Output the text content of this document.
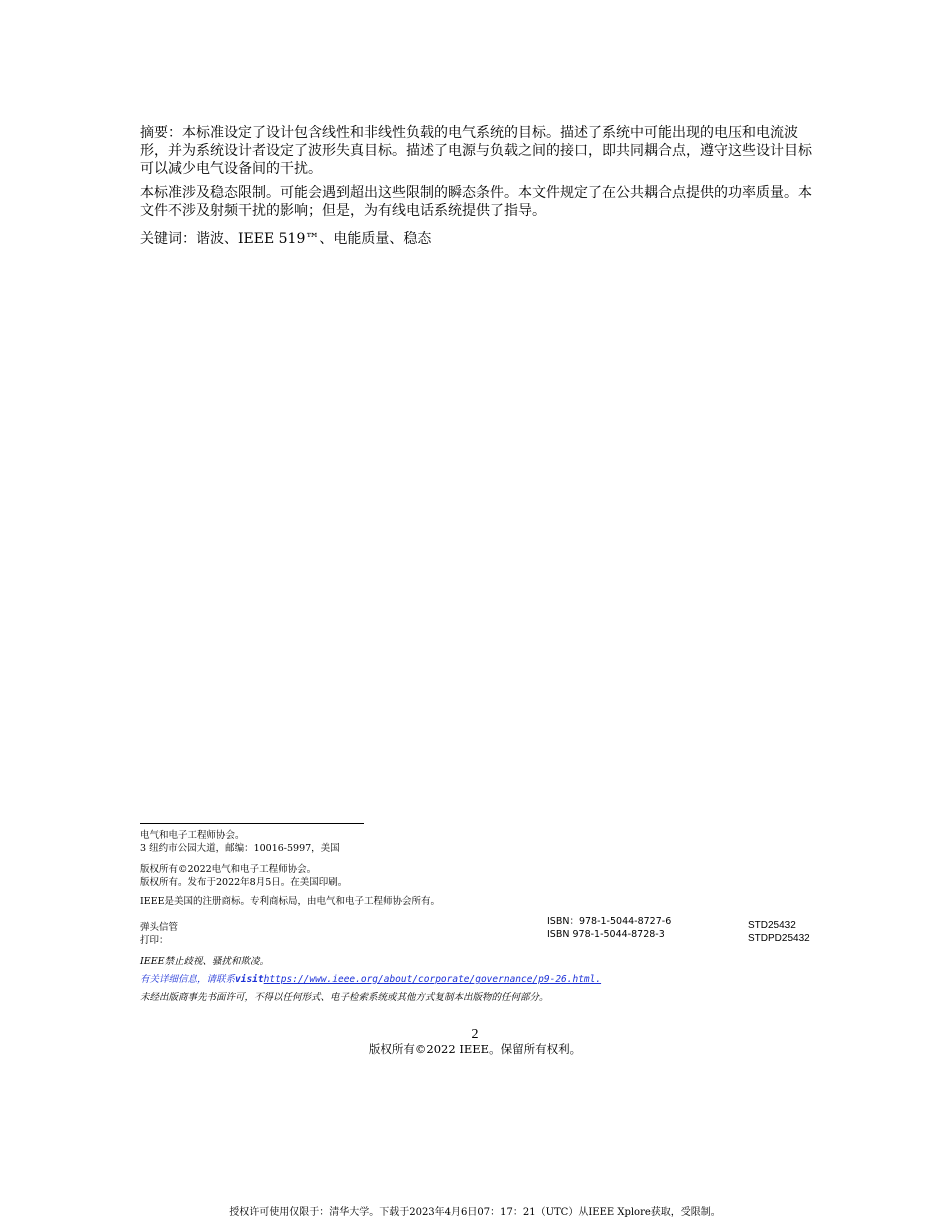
摘要：本标准设定了设计包含线性和非线性负载的电气系统的目标。描述了系统中可能出现的电压和电流波形，并为系统设计者设定了波形失真目标。描述了电源与负载之间的接口，即共同耦合点，遵守这些设计目标可以减少电气设备间的干扰。

本标准涉及稳态限制。可能会遇到超出这些限制的瞬态条件。本文件规定了在公共耦合点提供的功率质量。本文件不涉及射频干扰的影响；但是，为有线电话系统提供了指导。

关键词：谐波、IEEE 519™、电能质量、稳态

电气和电子工程师协会。
3 纽约市公园大道，邮编：10016-5997，美国
版权所有©2022电气和电子工程师协会。
版权所有。发布于2022年8月5日。在美国印刷。
IEEE是美国的注册商标。专利商标局，由电气和电子工程师协会所有。
弹头信管
打印：
ISBN：978-1-5044-8727-6
ISBN 978-1-5044-8728-3
STD25432
STDPD25432
IEEE禁止歧视、骚扰和欺凌。
有关详细信息，请联系visithttps://www.ieee.org/about/corporate/governance/p9-26.html.
未经出版商事先书面许可，不得以任何形式、电子检索系统或其他方式复制本出版物的任何部分。
2
版权所有©2022 IEEE。保留所有权利。
授权许可使用仅限于：清华大学。下载于2023年4月6日07：17：21（UTC）从IEEE Xplore获取，受限制。
